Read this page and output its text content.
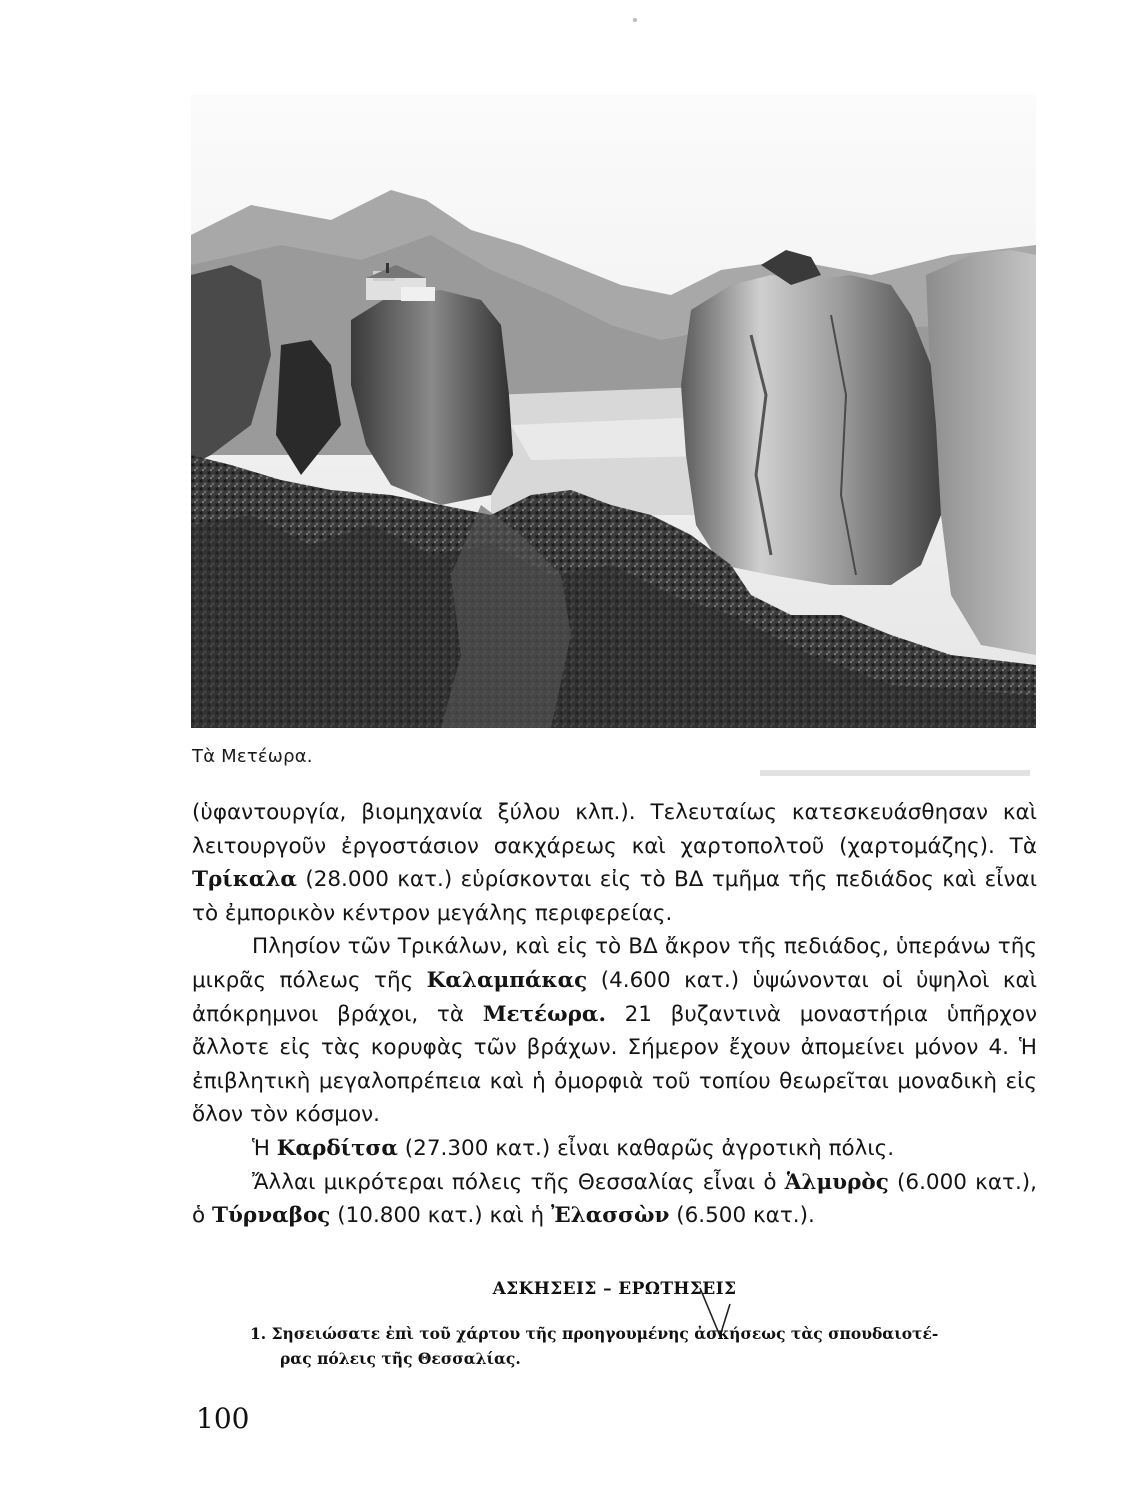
Τὰ Μετέωρα.

(ὑφαντουργία, βιομηχανία ξύλου κλπ.). Τελευταίως κατεσκευάσθησαν καὶ λειτουργοῦν ἐργοστάσιον σακχάρεως καὶ χαρτοπολτοῦ (χαρτομάζης). Τὰ Τρίκαλα (28.000 κατ.) εὑρίσκονται εἰς τὸ ΒΔ τμῆμα τῆς πεδιάδος καὶ εἶναι τὸ ἐμπορικὸν κέντρον μεγάλης περιφερείας.

Πλησίον τῶν Τρικάλων, καὶ εἰς τὸ ΒΔ ἄκρον τῆς πεδιάδος, ὑπεράνω τῆς μικρᾶς πόλεως τῆς Καλαμπάκας (4.600 κατ.) ὑψώνονται οἱ ὑψηλοὶ καὶ ἀπόκρημνοι βράχοι, τὰ Μετέωρα. 21 βυζαντινὰ μοναστήρια ὑπῆρχον ἄλλοτε εἰς τὰς κορυφὰς τῶν βράχων. Σήμερον ἔχουν ἀπομείνει μόνον 4. Ἡ ἐπιβλητικὴ μεγαλοπρέπεια καὶ ἡ ὀμορφιὰ τοῦ τοπίου θεωρεῖται μοναδικὴ εἰς ὅλον τὸν κόσμον.

Ἡ Καρδίτσα (27.300 κατ.) εἶναι καθαρῶς ἀγροτικὴ πόλις.

Ἄλλαι μικρότεραι πόλεις τῆς Θεσσαλίας εἶναι ὁ Ἁλμυρὸς (6.000 κατ.), ὁ Τύρναβος (10.800 κατ.) καὶ ἡ Ἐλασσὼν (6.500 κατ.).

ΑΣΚΗΣΕΙΣ – ΕΡΩΤΗΣΕΙΣ
1. Σησειώσατε ἐπὶ τοῦ χάρτου τῆς προηγουμένης ἀσκήσεως τὰς σπουδαιοτέ-
ρας πόλεις τῆς Θεσσαλίας.
100
